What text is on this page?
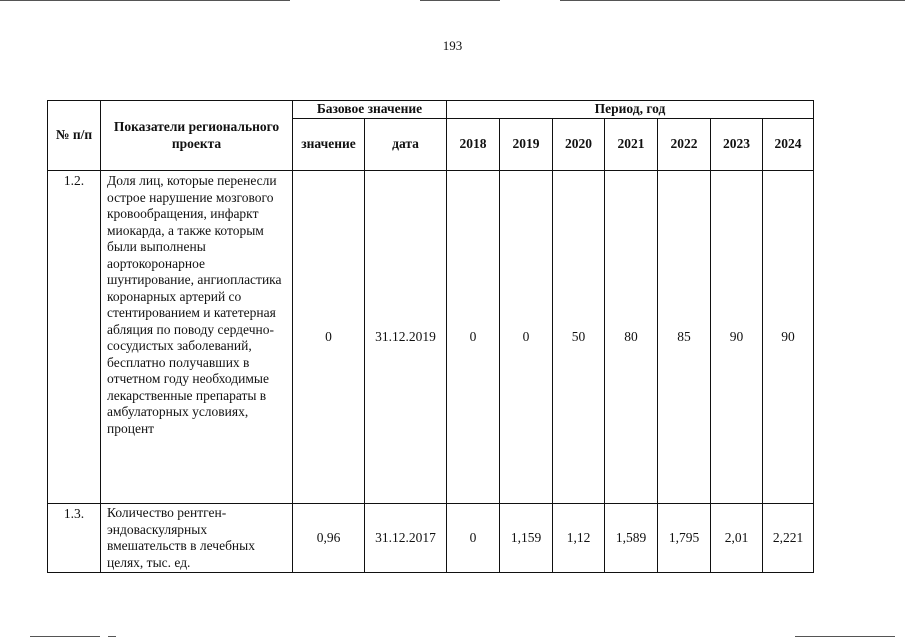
193
№ п/п	Показатели регионального проекта	Базовое значение		Период, год						
		значение	дата	2018	2019	2020	2021	2022	2023	2024
1.2.	Доля лиц, которые перенесли острое нарушение мозгового кровообращения, инфаркт миокарда, а также которым были выполнены аортокоронарное шунтирование, ангиопластика коронарных артерий со стентированием и катетерная абляция по поводу сердечно-сосудистых заболеваний, бесплатно получавших в отчетном году необходимые лекарственные препараты в амбулаторных условиях, процент	0	31.12.2019	0	0	50	80	85	90	90
1.3.	Количество рентген-эндоваскулярных вмешательств в лечебных целях, тыс. ед.	0,96	31.12.2017	0	1,159	1,12	1,589	1,795	2,01	2,221
